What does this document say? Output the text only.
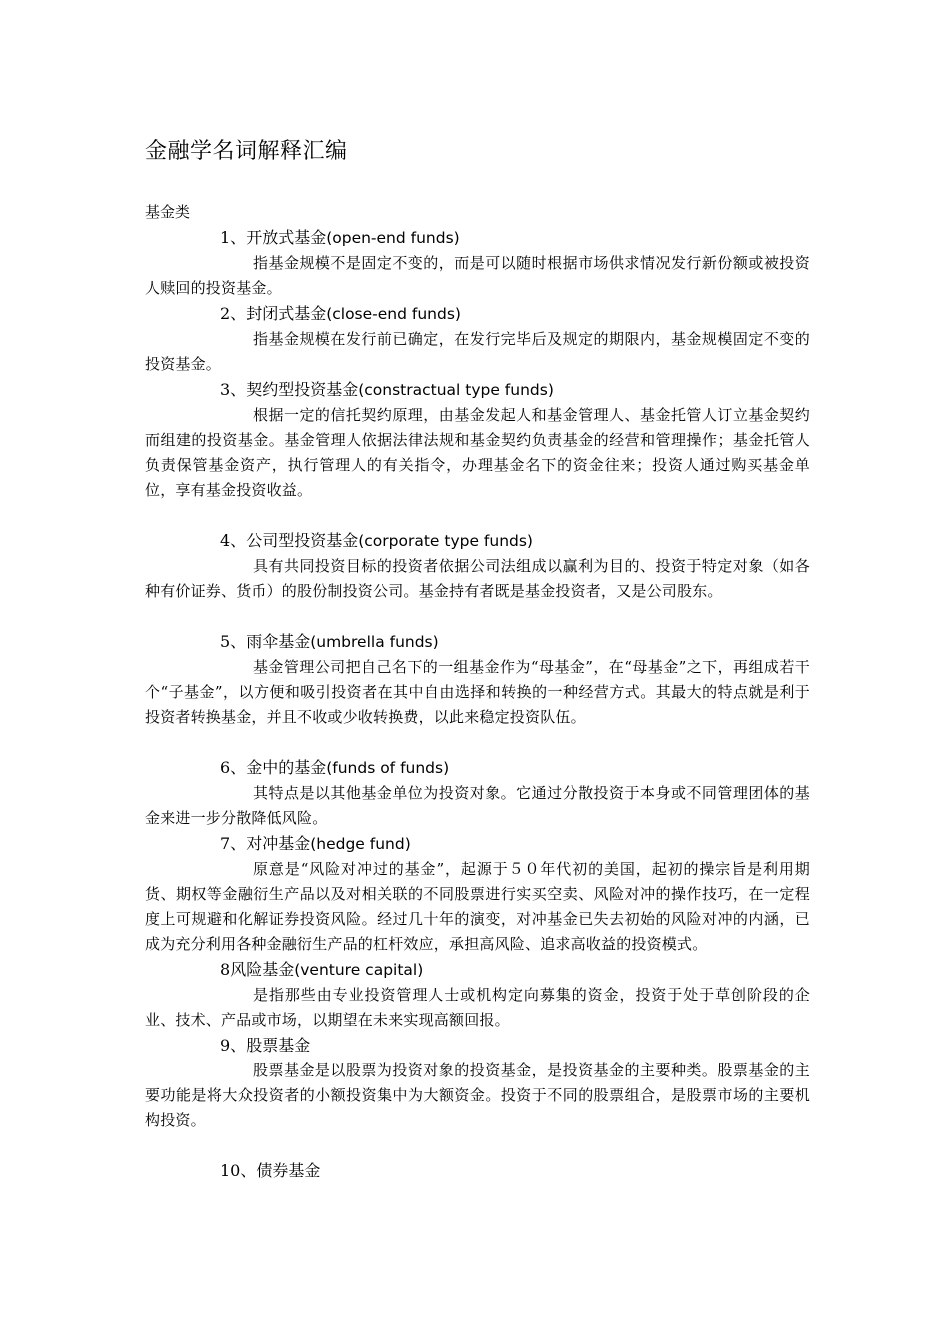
金融学名词解释汇编

基金类

1、开放式基金(open-end funds)

指基金规模不是固定不变的，而是可以随时根据市场供求情况发行新份额或被投资人赎回的投资基金。

2、封闭式基金(close-end funds)

指基金规模在发行前已确定，在发行完毕后及规定的期限内，基金规模固定不变的投资基金。

3、契约型投资基金(constractual type funds)

根据一定的信托契约原理，由基金发起人和基金管理人、基金托管人订立基金契约而组建的投资基金。基金管理人依据法律法规和基金契约负责基金的经营和管理操作；基金托管人负责保管基金资产，执行管理人的有关指令，办理基金名下的资金往来；投资人通过购买基金单位，享有基金投资收益。

4、公司型投资基金(corporate type funds)

具有共同投资目标的投资者依据公司法组成以赢利为目的、投资于特定对象（如各种有价证券、货币）的股份制投资公司。基金持有者既是基金投资者，又是公司股东。

5、雨伞基金(umbrella funds)

基金管理公司把自己名下的一组基金作为“母基金”，在“母基金”之下，再组成若干个“子基金”，以方便和吸引投资者在其中自由选择和转换的一种经营方式。其最大的特点就是利于投资者转换基金，并且不收或少收转换费，以此来稳定投资队伍。

6、金中的基金(funds of funds)

其特点是以其他基金单位为投资对象。它通过分散投资于本身或不同管理团体的基金来进一步分散降低风险。

7、对冲基金(hedge fund)

原意是“风险对冲过的基金”，起源于５０年代初的美国，起初的操宗旨是利用期货、期权等金融衍生产品以及对相关联的不同股票进行实买空卖、风险对冲的操作技巧，在一定程度上可规避和化解证券投资风险。经过几十年的演变，对冲基金已失去初始的风险对冲的内涵，已成为充分利用各种金融衍生产品的杠杆效应，承担高风险、追求高收益的投资模式。

8风险基金(venture capital)

是指那些由专业投资管理人士或机构定向募集的资金，投资于处于草创阶段的企业、技术、产品或市场，以期望在未来实现高额回报。

9、股票基金

股票基金是以股票为投资对象的投资基金，是投资基金的主要种类。股票基金的主要功能是将大众投资者的小额投资集中为大额资金。投资于不同的股票组合，是股票市场的主要机构投资。

10、债券基金
